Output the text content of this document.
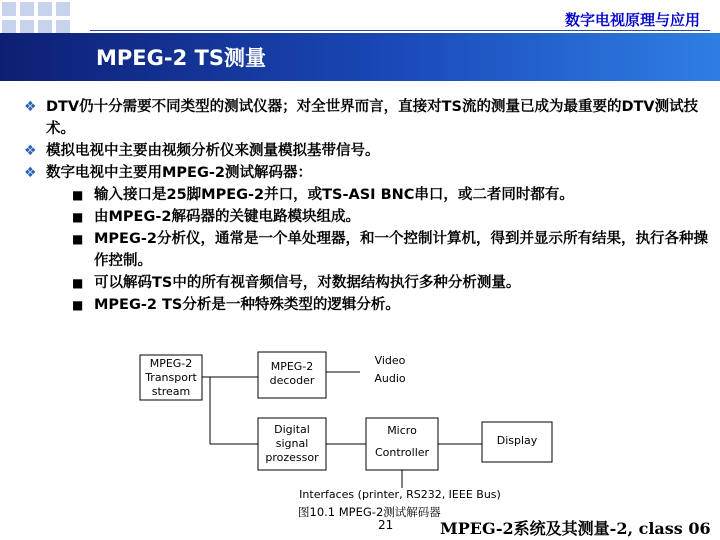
数字电视原理与应用
MPEG-2 TS测量
❖ DTV仍十分需要不同类型的测试仪器；对全世界而言，直接对TS流的测量已成为最重要的DTV测试技术。
❖ 模拟电视中主要由视频分析仪来测量模拟基带信号。
❖ 数字电视中主要用MPEG-2测试解码器：
■ 输入接口是25脚MPEG-2并口，或TS-ASI BNC串口，或二者同时都有。
■ 由MPEG-2解码器的关键电路模块组成。
■ MPEG-2分析仪，通常是一个单处理器，和一个控制计算机，得到并显示所有结果，执行各种操作控制。
■ 可以解码TS中的所有视音频信号，对数据结构执行多种分析测量。
■ MPEG-2 TS分析是一种特殊类型的逻辑分析。
MPEG-2
Transport
stream
MPEG-2
decoder
Video
Audio
Digital
signal
prozessor
Micro
Controller
Display
Interfaces (printer, RS232, IEEE Bus)
图10.1 MPEG-2测试解码器
21	MPEG-2系统及其测量-2, class 06
